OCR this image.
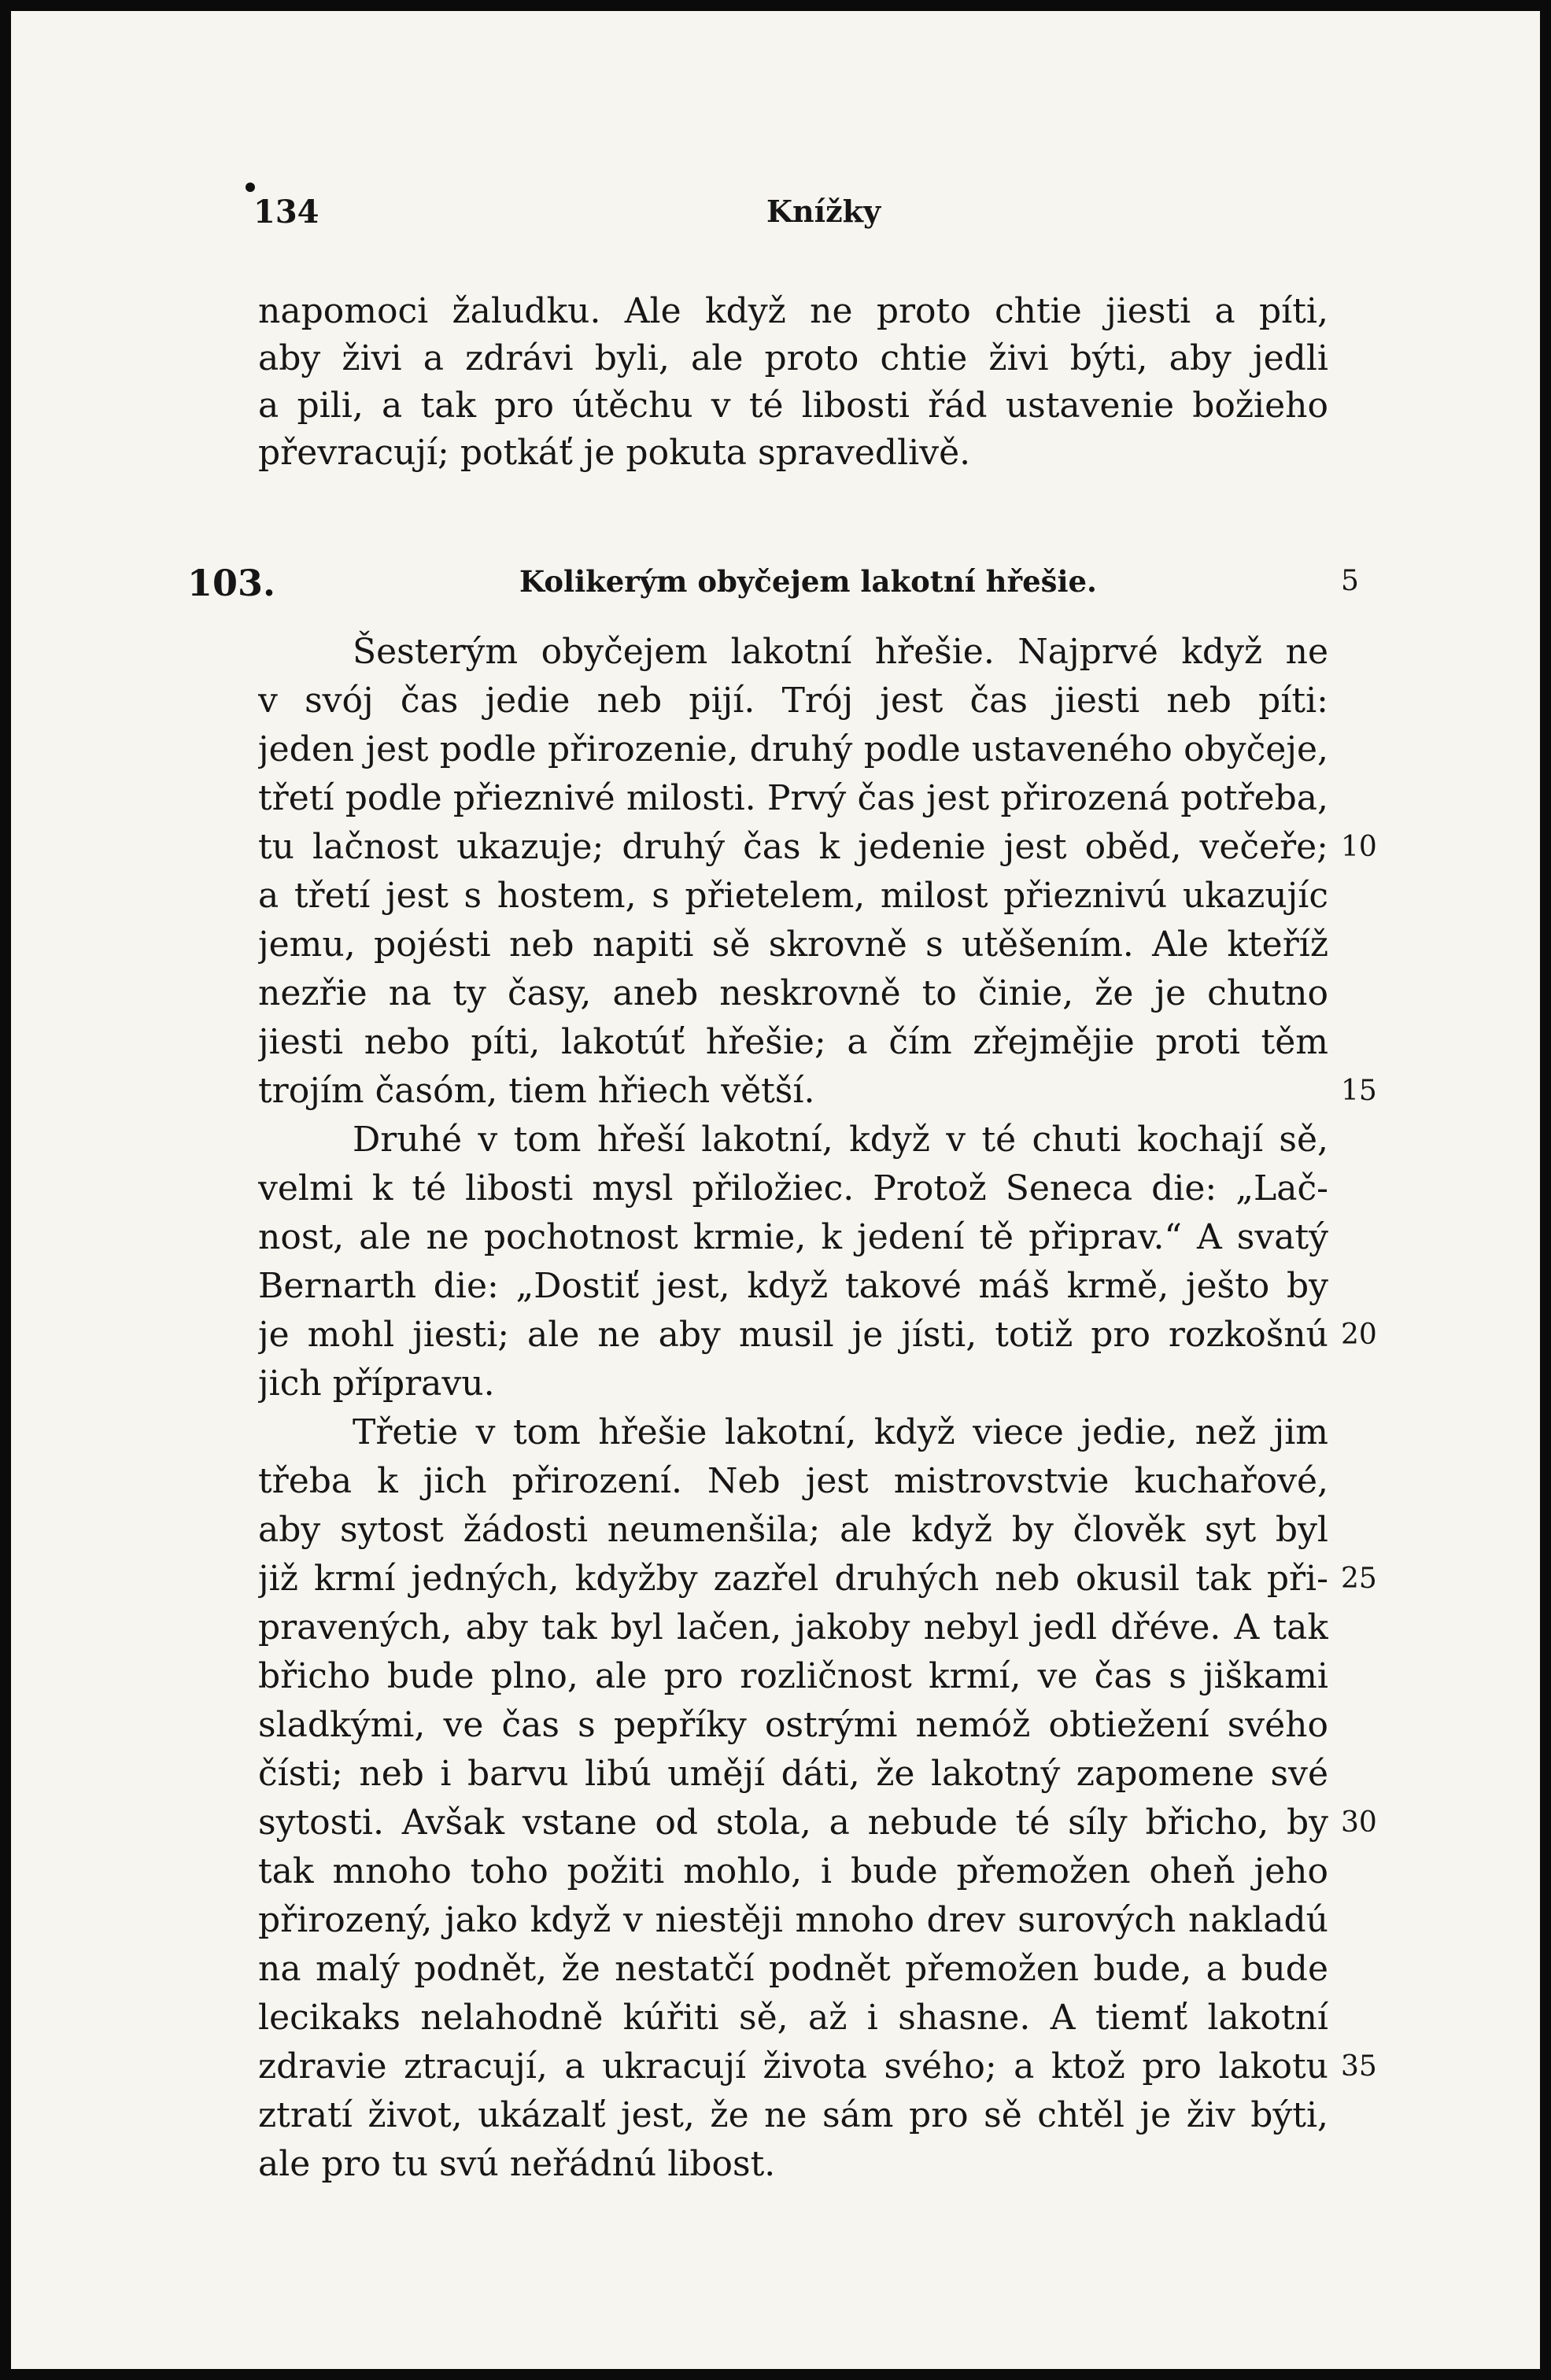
134	Knížky
napomoci žaludku. Ale když ne proto chtie jiesti a píti,
aby živi a zdrávi byli, ale proto chtie živi býti, aby jedli
a pili, a tak pro útěchu v té libosti řád ustavenie božieho
převracují; potkáť je pokuta spravedlivě.
103.	Kolikerým obyčejem lakotní hřešie.	5
Šesterým obyčejem lakotní hřešie. Najprvé když ne
v svój čas jedie neb pijí. Trój jest čas jiesti neb píti:
jeden jest podle přirozenie, druhý podle ustaveného obyčeje,
třetí podle přieznivé milosti. Prvý čas jest přirozená potřeba,
tu lačnost ukazuje; druhý čas k jedenie jest oběd, večeře; 10
a třetí jest s hostem, s přietelem, milost přieznivú ukazujíc
jemu, pojésti neb napiti sě skrovně s utěšením. Ale kteříž
nezřie na ty časy, aneb neskrovně to činie, že je chutno
jiesti nebo píti, lakotúť hřešie; a čím zřejmějie proti těm
trojím časóm, tiem hřiech větší.	15
Druhé v tom hřeší lakotní, když v té chuti kochají sě,
velmi k té libosti mysl přiložiec. Protož Seneca die: „Lač-
nost, ale ne pochotnost krmie, k jedení tě připrav.“ A svatý
Bernarth die: „Dostiť jest, když takové máš krmě, ješto by
je mohl jiesti; ale ne aby musil je jísti, totiž pro rozkošnú 20
jich přípravu.
Třetie v tom hřešie lakotní, když viece jedie, než jim
třeba k jich přirození. Neb jest mistrovstvie kuchařové,
aby sytost žádosti neumenšila; ale když by člověk syt byl
již krmí jedných, kdyžby zazřel druhých neb okusil tak při- 25
pravených, aby tak byl lačen, jakoby nebyl jedl dřéve. A tak
břicho bude plno, ale pro rozličnost krmí, ve čas s jiškami
sladkými, ve čas s pepříky ostrými nemóž obtiežení svého
čísti; neb i barvu libú umějí dáti, že lakotný zapomene své
sytosti. Avšak vstane od stola, a nebude té síly břicho, by 30
tak mnoho toho požiti mohlo, i bude přemožen oheň jeho
přirozený, jako když v niestěji mnoho drev surových nakladú
na malý podnět, že nestatčí podnět přemožen bude, a bude
lecikaks nelahodně kúřiti sě, až i shasne. A tiemť lakotní
zdravie ztracují, a ukracují života svého; a ktož pro lakotu 35
ztratí život, ukázalť jest, že ne sám pro sě chtěl je živ býti,
ale pro tu svú neřádnú libost.
